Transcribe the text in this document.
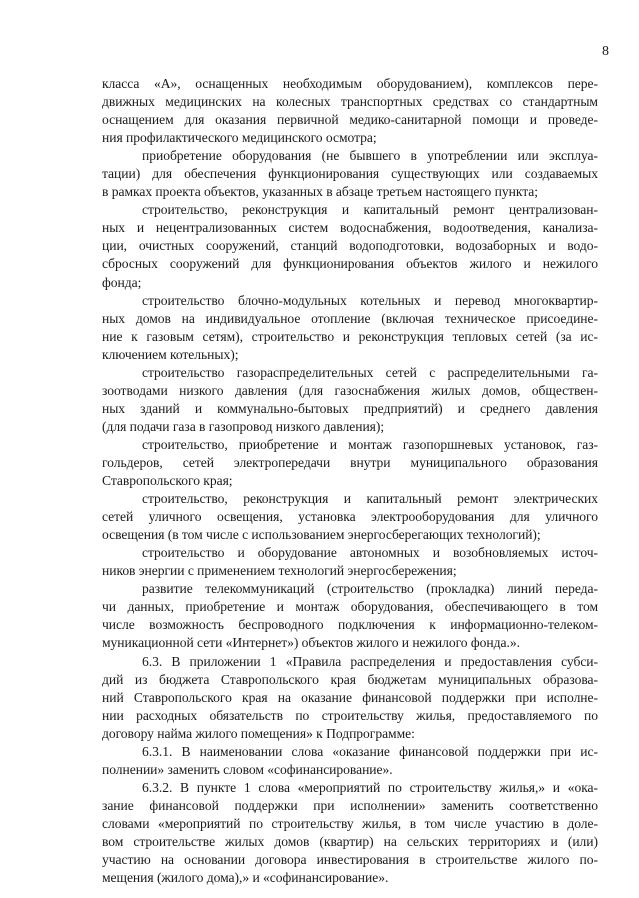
8
класса «А», оснащенных необходимым оборудованием), комплексов пере-
движных медицинских на колесных транспортных средствах со стандартным
оснащением для оказания первичной медико-санитарной помощи и проведе-
ния профилактического медицинского осмотра;
приобретение оборудования (не бывшего в употреблении или эксплуа-
тации) для обеспечения функционирования существующих или создаваемых
в рамках проекта объектов, указанных в абзаце третьем настоящего пункта;
строительство, реконструкция и капитальный ремонт централизован-
ных и нецентрализованных систем водоснабжения, водоотведения, канализа-
ции, очистных сооружений, станций водоподготовки, водозаборных и водо-
сбросных сооружений для функционирования объектов жилого и нежилого
фонда;
строительство блочно-модульных котельных и перевод многоквартир-
ных домов на индивидуальное отопление (включая техническое присоедине-
ние к газовым сетям), строительство и реконструкция тепловых сетей (за ис-
ключением котельных);
строительство газораспределительных сетей с распределительными га-
зоотводами низкого давления (для газоснабжения жилых домов, обществен-
ных зданий и коммунально-бытовых предприятий) и среднего давления
(для подачи газа в газопровод низкого давления);
строительство, приобретение и монтаж газопоршневых установок, газ-
гольдеров, сетей электропередачи внутри муниципального образования
Ставропольского края;
строительство, реконструкция и капитальный ремонт электрических
сетей уличного освещения, установка электрооборудования для уличного
освещения (в том числе с использованием энергосберегающих технологий);
строительство и оборудование автономных и возобновляемых источ-
ников энергии с применением технологий энергосбережения;
развитие телекоммуникаций (строительство (прокладка) линий переда-
чи данных, приобретение и монтаж оборудования, обеспечивающего в том
числе возможность беспроводного подключения к информационно-телеком-
муникационной сети «Интернет») объектов жилого и нежилого фонда.».
6.3. В приложении 1 «Правила распределения и предоставления субси-
дий из бюджета Ставропольского края бюджетам муниципальных образова-
ний Ставропольского края на оказание финансовой поддержки при исполне-
нии расходных обязательств по строительству жилья, предоставляемого по
договору найма жилого помещения» к Подпрограмме:
6.3.1. В наименовании слова «оказание финансовой поддержки при ис-
полнении» заменить словом «софинансирование».
6.3.2. В пункте 1 слова «мероприятий по строительству жилья,» и «ока-
зание финансовой поддержки при исполнении» заменить соответственно
словами «мероприятий по строительству жилья, в том числе участию в доле-
вом строительстве жилых домов (квартир) на сельских территориях и (или)
участию на основании договора инвестирования в строительстве жилого по-
мещения (жилого дома),» и «софинансирование».
